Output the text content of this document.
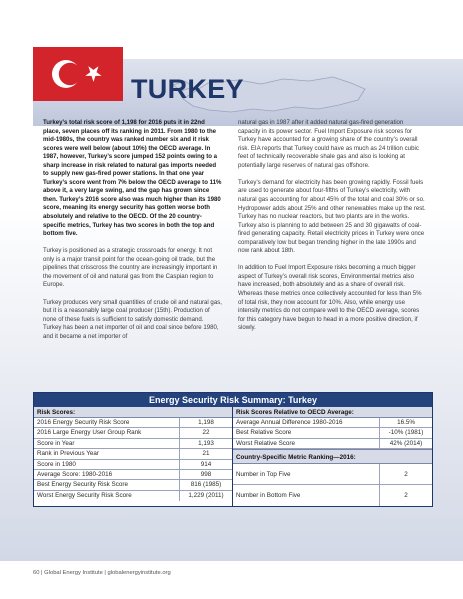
TURKEY

Turkey’s total risk score of 1,198 for 2016 puts it in 22nd place, seven places off its ranking in 2011. From 1980 to the mid-1980s, the country was ranked number six and it risk scores were well below (about 10%) the OECD average. In 1987, however, Turkey’s score jumped 152 points owing to a sharp increase in risk related to natural gas imports needed to supply new gas-fired power stations. In that one year Turkey’s score went from 7% below the OECD average to 11% above it, a very large swing, and the gap has grown since then. Turkey’s 2016 score also was much higher than its 1980 score, meaning its energy security has gotten worse both absolutely and relative to the OECD. Of the 20 country-specific metrics, Turkey has two scores in both the top and bottom five.

Turkey is positioned as a strategic crossroads for energy. It not only is a major transit point for the ocean-going oil trade, but the pipelines that crisscross the country are increasingly important in the movement of oil and natural gas from the Caspian region to Europe.

Turkey produces very small quantities of crude oil and natural gas, but it is a reasonably large coal producer (15th). Production of none of these fuels is sufficient to satisfy domestic demand. Turkey has been a net importer of oil and coal since before 1980, and it became a net importer of

natural gas in 1987 after it added natural gas-fired generation capacity in its power sector. Fuel Import Exposure risk scores for Turkey have accounted for a growing share of the country’s overall risk. EIA reports that Turkey could have as much as 24 trillion cubic feet of technically recoverable shale gas and also is looking at potentially large reserves of natural gas offshore.

Turkey’s demand for electricity has been growing rapidly. Fossil fuels are used to generate about four-fifths of Turkey’s electricity, with natural gas accounting for about 45% of the total and coal 30% or so. Hydropower adds about 25% and other renewables make up the rest. Turkey has no nuclear reactors, but two plants are in the works. Turkey also is planning to add between 25 and 30 gigawatts of coal-fired generating capacity. Retail electricity prices in Turkey were once comparatively low but began trending higher in the late 1990s and now rank about 18th.

In addition to Fuel Import Exposure risks becoming a much bigger aspect of Turkey’s overall risk scores, Environmental metrics also have increased, both absolutely and as a share of overall risk. Whereas these metrics once collectively accounted for less than 5% of total risk, they now account for 10%. Also, while energy use intensity metrics do not compare well to the OECD average, scores for this category have begun to head in a more positive direction, if slowly.

Energy Security Risk Summary: Turkey
Risk Scores:
2016 Energy Security Risk Score	1,198
2016 Large Energy User Group Rank	22
Score in Year	1,193
Rank in Previous Year	21
Score in 1980	914
Average Score: 1980-2016	998
Best Energy Security Risk Score	816 (1985)
Worst Energy Security Risk Score	1,229 (2011)
Risk Scores Relative to OECD Average:
Average Annual Difference 1980-2016	16.5%
Best Relative Score	-10% (1981)
Worst Relative Score	42% (2014)
Country-Specific Metric Ranking—2016:
Number in Top Five	2
Number in Bottom Five	2
60 | Global Energy Institute | globalenergyinstitute.org
